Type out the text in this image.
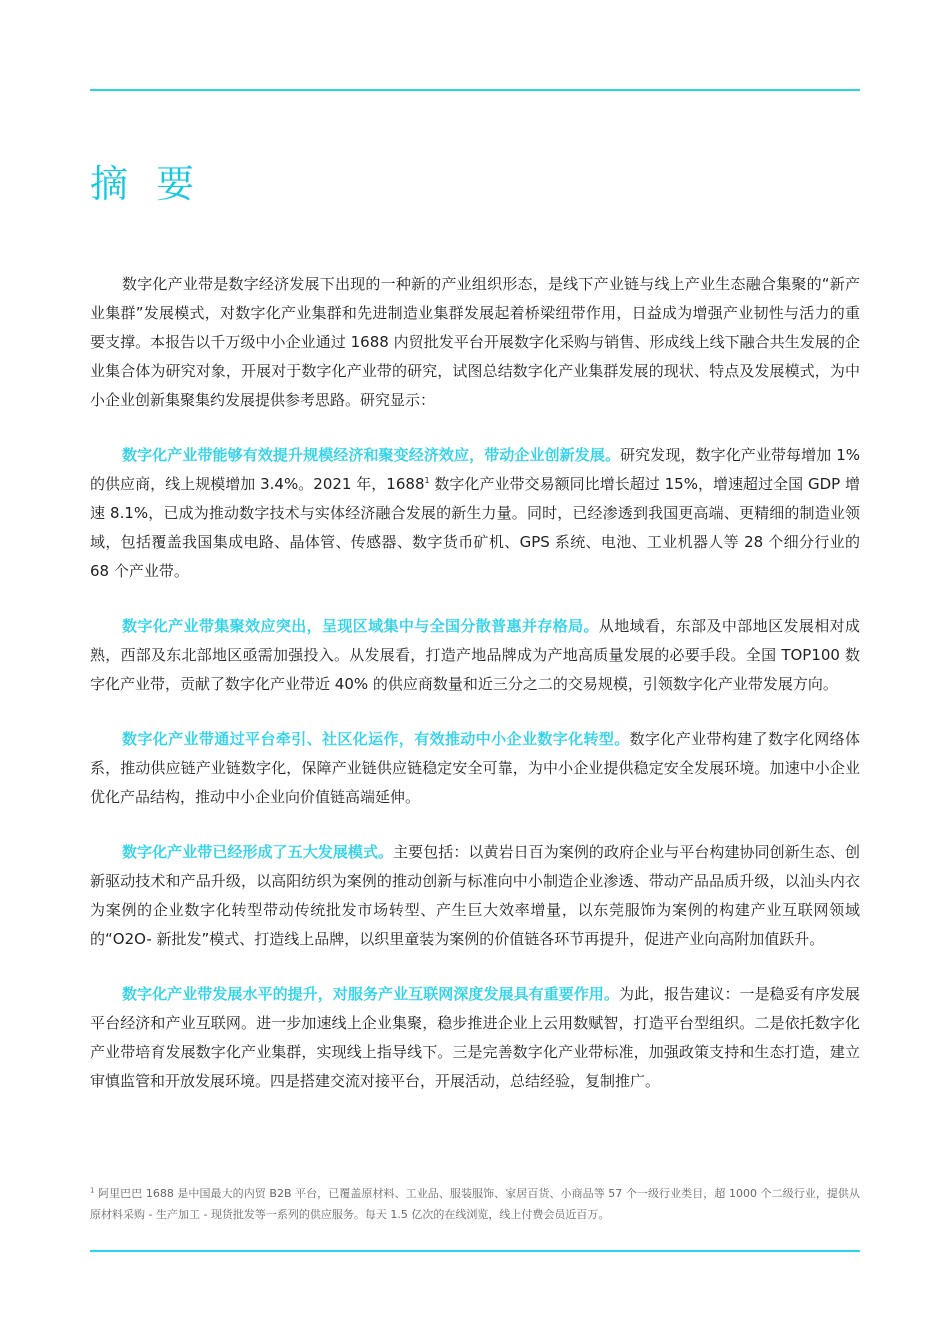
摘 要

数字化产业带是数字经济发展下出现的一种新的产业组织形态，是线下产业链与线上产业生态融合集聚的“新产业集群”发展模式，对数字化产业集群和先进制造业集群发展起着桥梁纽带作用，日益成为增强产业韧性与活力的重要支撑。本报告以千万级中小企业通过 1688 内贸批发平台开展数字化采购与销售、形成线上线下融合共生发展的企业集合体为研究对象，开展对于数字化产业带的研究，试图总结数字化产业集群发展的现状、特点及发展模式，为中小企业创新集聚集约发展提供参考思路。研究显示：

数字化产业带能够有效提升规模经济和聚变经济效应，带动企业创新发展。研究发现，数字化产业带每增加 1% 的供应商，线上规模增加 3.4%。2021 年，1688$^1$ 数字化产业带交易额同比增长超过 15%，增速超过全国 GDP 增速 8.1%，已成为推动数字技术与实体经济融合发展的新生力量。同时，已经渗透到我国更高端、更精细的制造业领域，包括覆盖我国集成电路、晶体管、传感器、数字货币矿机、GPS 系统、电池、工业机器人等 28 个细分行业的 68 个产业带。

数字化产业带集聚效应突出，呈现区域集中与全国分散普惠并存格局。从地域看，东部及中部地区发展相对成熟，西部及东北部地区亟需加强投入。从发展看，打造产地品牌成为产地高质量发展的必要手段。全国 TOP100 数字化产业带，贡献了数字化产业带近 40% 的供应商数量和近三分之二的交易规模，引领数字化产业带发展方向。

数字化产业带通过平台牵引、社区化运作，有效推动中小企业数字化转型。数字化产业带构建了数字化网络体系，推动供应链产业链数字化，保障产业链供应链稳定安全可靠，为中小企业提供稳定安全发展环境。加速中小企业优化产品结构，推动中小企业向价值链高端延伸。

数字化产业带已经形成了五大发展模式。主要包括：以黄岩日百为案例的政府企业与平台构建协同创新生态、创新驱动技术和产品升级，以高阳纺织为案例的推动创新与标准向中小制造企业渗透、带动产品品质升级，以汕头内衣为案例的企业数字化转型带动传统批发市场转型、产生巨大效率增量，以东莞服饰为案例的构建产业互联网领域的“O2O- 新批发”模式、打造线上品牌，以织里童装为案例的价值链各环节再提升，促进产业向高附加值跃升。

数字化产业带发展水平的提升，对服务产业互联网深度发展具有重要作用。为此，报告建议：一是稳妥有序发展平台经济和产业互联网。进一步加速线上企业集聚，稳步推进企业上云用数赋智，打造平台型组织。二是依托数字化产业带培育发展数字化产业集群，实现线上指导线下。三是完善数字化产业带标准，加强政策支持和生态打造，建立审慎监管和开放发展环境。四是搭建交流对接平台，开展活动，总结经验，复制推广。

$^1$ 阿里巴巴 1688 是中国最大的内贸 B2B 平台，已覆盖原材料、工业品、服装服饰、家居百货、小商品等 57 个一级行业类目，超 1000 个二级行业，提供从原材料采购 - 生产加工 - 现货批发等一系列的供应服务。每天 1.5 亿次的在线浏览，线上付费会员近百万。
